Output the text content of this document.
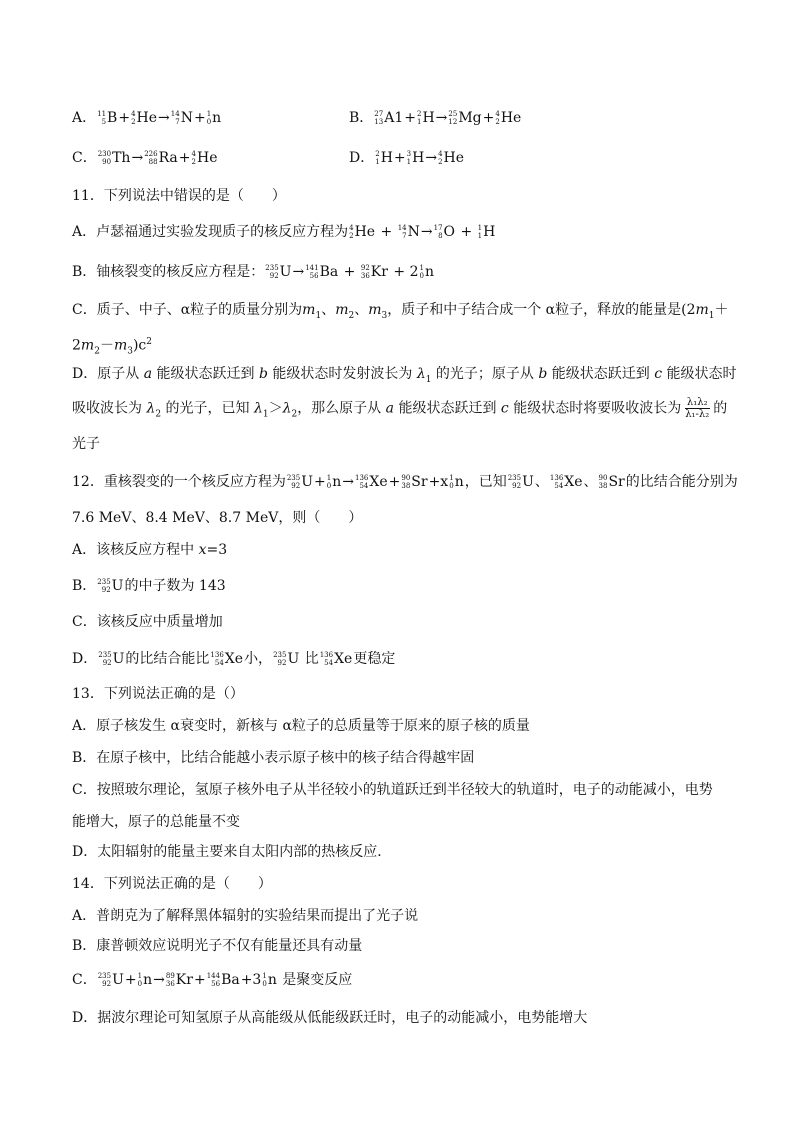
A． 11
5 B + 4
2 He → 14
7 N + 1
0 n	B． 27
13 A1 + 2
1 H → 25
12 Mg + 4
2 He
C． 230
90 Th → 226
88 Ra + 4
2 He	D． 2
1 H + 3
1 H → 4
2 He
11．下列说法中错误的是（　　）
A．卢瑟福通过实验发现质子的核反应方程为 4
2 He + 14
7 N → 17
8 O + 1
1 H
B．铀核裂变的核反应方程是： 235
92 U → 141
56 Ba + 92
36 Kr + 2 1
0 n
C．质子、中子、α粒子的质量分别为$m_1$、$m_2$、$m_3$，质子和中子结合成一个 α粒子，释放的能量是($2m_1+$
$2m_2-m_3)c^2$
D．原子从 a 能级状态跃迁到 b 能级状态时发射波长为 $\lambda_1$ 的光子；原子从 b 能级状态跃迁到 c 能级状态时
吸收波长为 $\lambda_2$ 的光子，已知 $\lambda_1>\lambda_2$，那么原子从 a 能级状态跃迁到 c 能级状态时将要吸收波长为 $\frac{\text{λ₁λ₂}}{\text{λ₁-λ₂}}$ 的
光子
12．重核裂变的一个核反应方程为 235
92 U + 1
0 n → 136
54 Xe + 90
38 Sr +x 1
0 n ，已知 235
92 U 、 136
54 Xe 、 90
38 Sr 的比结合能分别为
7.6 MeV、8.4 MeV、8.7 MeV，则（　　）
A．该核反应方程中 x=3
B． 235
92 U 的中子数为 143
C．该核反应中质量增加
D． 235
92 U 的比结合能比 136
54 Xe 小， 235
92 U 比 136
54 Xe 更稳定
13．下列说法正确的是（）
A．原子核发生 α衰变时，新核与 α粒子的总质量等于原来的原子核的质量
B．在原子核中，比结合能越小表示原子核中的核子结合得越牢固
C．按照玻尔理论，氢原子核外电子从半径较小的轨道跃迁到半径较大的轨道时，电子的动能减小，电势
能增大，原子的总能量不变
D．太阳辐射的能量主要来自太阳内部的热核反应．
14．下列说法正确的是（　　）
A．普朗克为了解释黑体辐射的实验结果而提出了光子说
B．康普顿效应说明光子不仅有能量还具有动量
C． 235
92 U + 1
0 n → 89
36 Kr + 144
56 Ba +3 1
0 n 是聚变反应
D．据波尔理论可知氢原子从高能级从低能级跃迁时，电子的动能减小，电势能增大
